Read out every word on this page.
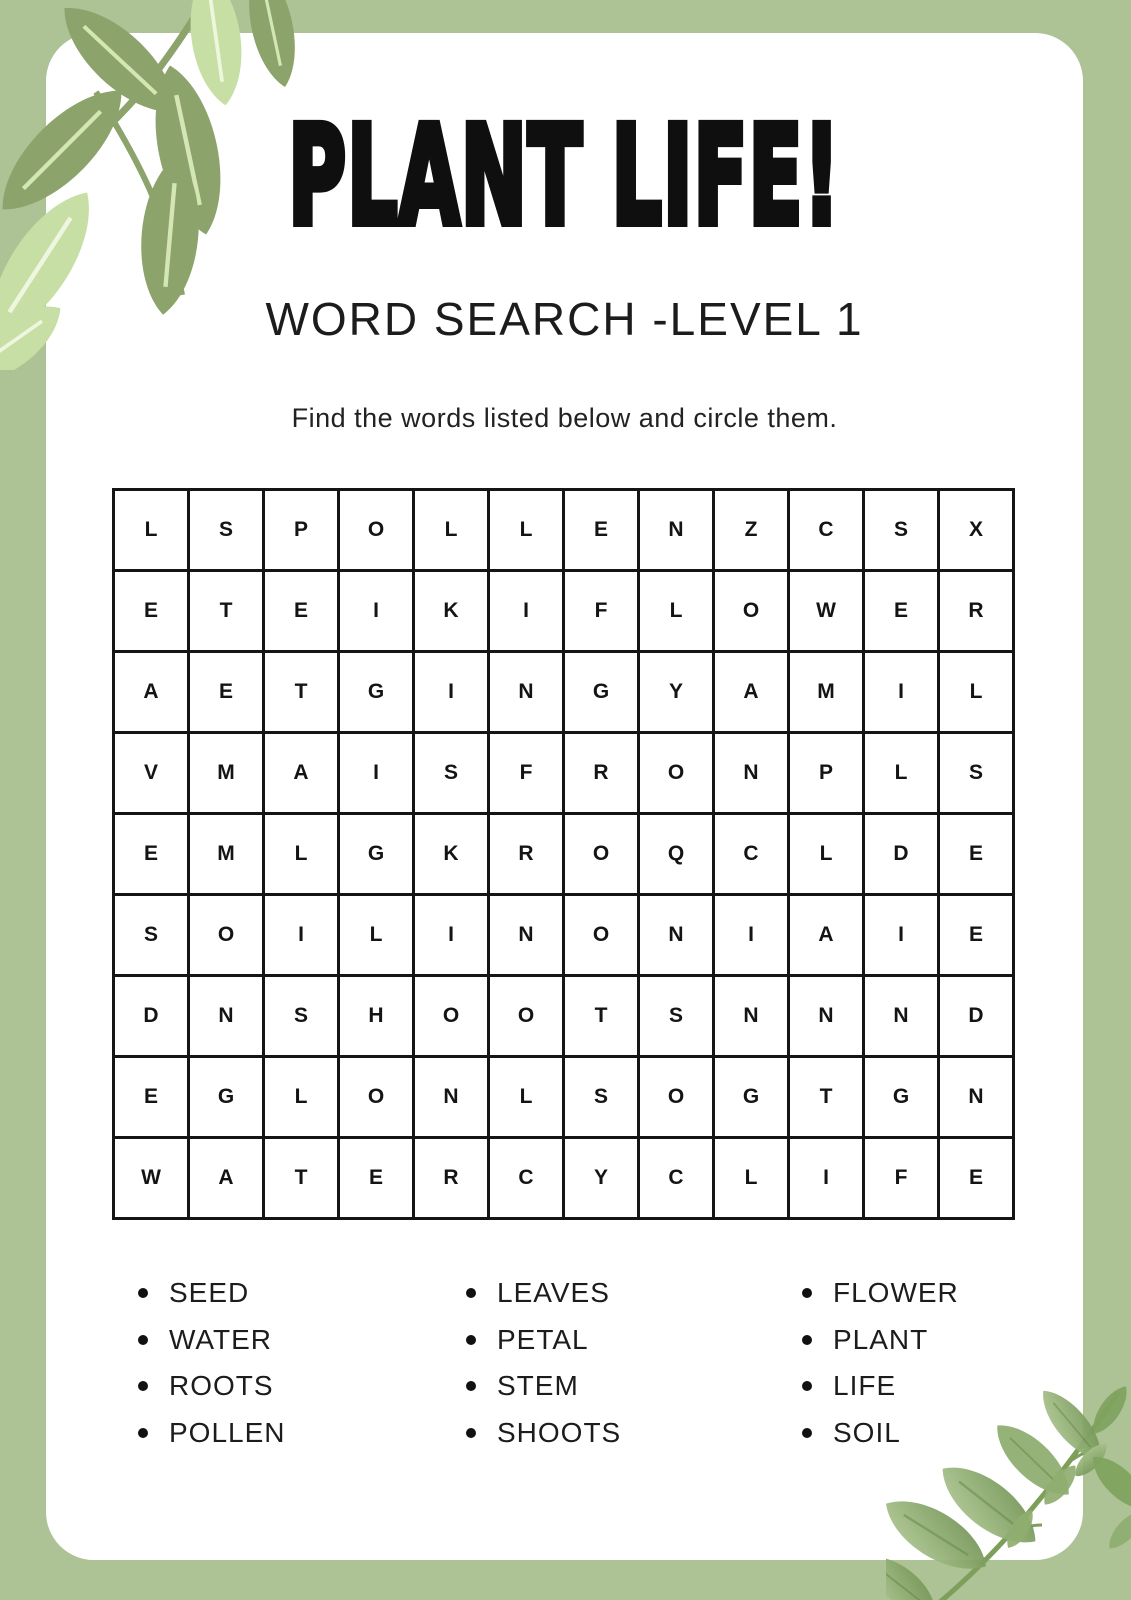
PLANT LIFE!
WORD SEARCH -LEVEL 1

Find the words listed below and circle them.

L	S	P	O	L	L	E	N	Z	C	S	X
E	T	E	I	K	I	F	L	O	W	E	R
A	E	T	G	I	N	G	Y	A	M	I	L
V	M	A	I	S	F	R	O	N	P	L	S
E	M	L	G	K	R	O	Q	C	L	D	E
S	O	I	L	I	N	O	N	I	A	I	E
D	N	S	H	O	O	T	S	N	N	N	D
E	G	L	O	N	L	S	O	G	T	G	N
W	A	T	E	R	C	Y	C	L	I	F	E
SEED
WATER
ROOTS
POLLEN
LEAVES
PETAL
STEM
SHOOTS
FLOWER
PLANT
LIFE
SOIL
